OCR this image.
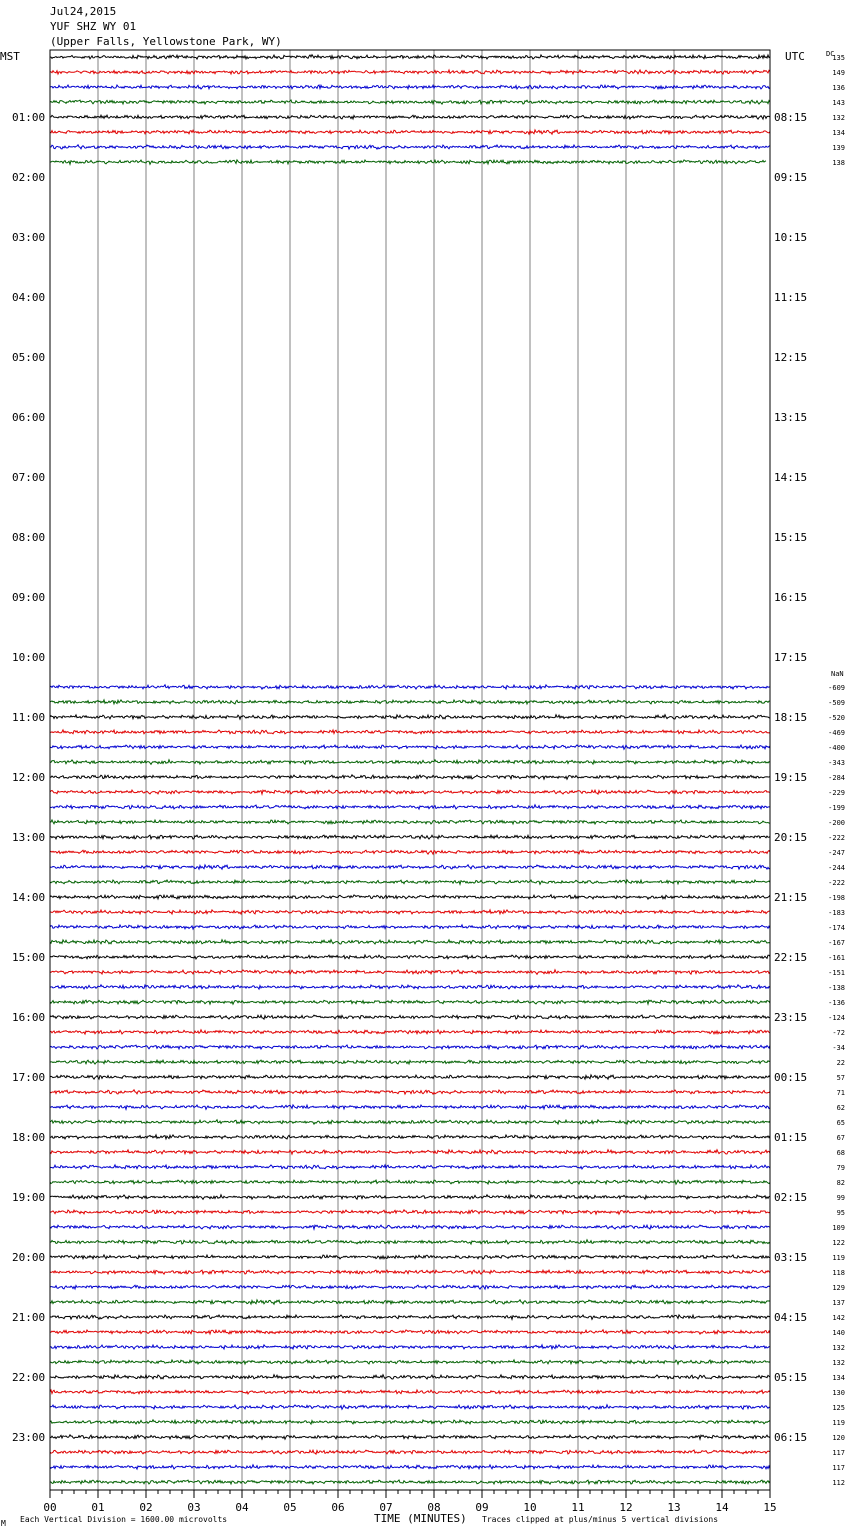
Jul24,2015
YUF SHZ WY 01
(Upper Falls, Yellowstone Park, WY)
MST	UTC
00	01	02	03	04	05	06	07	08	09	10	11	12	13	14	15
01:00
02:00
03:00
04:00
05:00
06:00
07:00
08:00
09:00
10:00
11:00
12:00
13:00
14:00
15:00
16:00
17:00
18:00
19:00
20:00
21:00
22:00
23:00
08:15
09:15
10:15
11:15
12:15
13:15
14:15
15:15
16:15
17:15
18:15
19:15
20:15
21:15
22:15
23:15
00:15
01:15
02:15
03:15
04:15
05:15
06:15
135
149
136
143
132
134
139
138
-609
-509
-520
-469
-400
-343
-284
-229
-199
-200
-222
-247
-244
-222
-198
-183
-174
-167
-161
-151
-138
-136
-124
-72
-34
22
57
71
62
65
67
68
79
82
99
95
109
122
119
118
129
137
142
140
132
132
134
130
125
119
120
117
117
112
DC
NaN
M Each Vertical Division = 1600.00 microvolts	TIME (MINUTES) Traces clipped at plus/minus 5 vertical divisions
